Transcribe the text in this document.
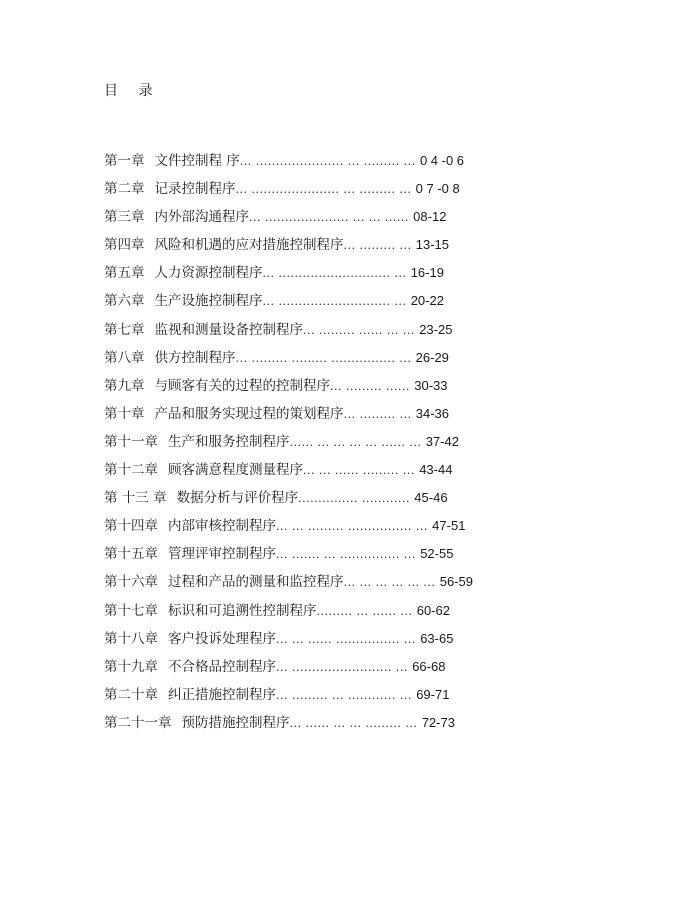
目 录
第一章 文件控制程 序... ...................... ... ......... ... 0 4 -0 6
第二章 记录控制程序... ...................... ... ......... ... 0 7 -0 8
第三章 内外部沟通程序... ..................... ... ... ...... 08-12
第四章 风险和机遇的应对措施控制程序... ......... ... 13-15
第五章 人力资源控制程序... ............................ ... 16-19
第六章 生产设施控制程序... ............................ ... 20-22
第七章 监视和测量设备控制程序... ......... ...... ... ... 23-25
第八章 供方控制程序... ......... ......... ................ ... 26-29
第九章 与顾客有关的过程的控制程序... ......... ...... 30-33
第十章 产品和服务实现过程的策划程序... ......... ... 34-36
第十一章 生产和服务控制程序...... ... ... ... ... ...... ... 37-42
第十二章 顾客满意程度测量程序... ... ...... ......... ... 43-44
第 十三 章 数据分析与评价程序............... ............ 45-46
第十四章 内部审核控制程序... ... ......... ................ ... 47-51
第十五章 管理评审控制程序... ....... ... ............... ... 52-55
第十六章 过程和产品的测量和监控程序... ... ... ... ... ... 56-59
第十七章 标识和可追溯性控制程序......... ... ...... ... 60-62
第十八章 客户投诉处理程序... ... ...... ................ ... 63-65
第十九章 不合格品控制程序... ......................... ... 66-68
第二十章 纠正措施控制程序... ......... ... ............ ... 69-71
第二十一章 预防措施控制程序... ...... ... ... ......... ... 72-73
